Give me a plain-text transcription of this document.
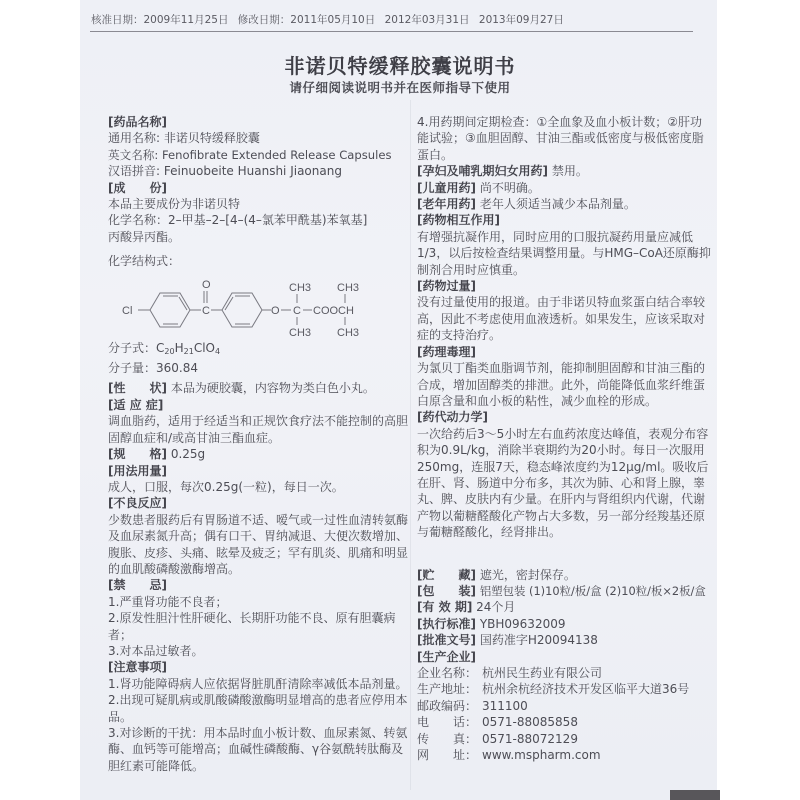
核准日期：2009年11月25日 修改日期：2011年05月10日 2012年03月31日 2013年09月27日
非诺贝特缓释胶囊说明书
请仔细阅读说明书并在医师指导下使用

[药品名称]

通用名称: 非诺贝特缓释胶囊

英文名称: Fenofibrate Extended Release Capsules

汉语拼音: Feinuobeite Huanshi Jiaonang

[成　　份]

本品主要成份为非诺贝特

化学名称：2–甲基–2–[4–(4–氯苯甲酰基)苯氧基]

丙酸异丙酯。

化学结构式：

Cl
O
C	O C COOCH
CH3
CH3
CH3
CH3

分子式：$C_{20}H_{21}ClO_4$

分子量：360.84

[性　　状] 本品为硬胶囊，内容物为类白色小丸。

[适 应 症]

调血脂药，适用于经适当和正规饮食疗法不能控制的高胆固醇血症和/或高甘油三酯血症。

[规　　格] 0.25g

[用法用量]

成人，口服，每次0.25g(一粒)，每日一次。

[不良反应]

少数患者服药后有胃肠道不适、嗳气或一过性血清转氨酶及血尿素氮升高；偶有口干、胃纳减退、大便次数增加、腹胀、皮疹、头痛、眩晕及疲乏；罕有肌炎、肌痛和明显的血肌酸磷酸激酶增高。

[禁　　忌]

1.严重肾功能不良者；

2.原发性胆汁性肝硬化、长期肝功能不良、原有胆囊病者；

3.对本品过敏者。

[注意事项]

1.肾功能障碍病人应依据肾脏肌酐清除率减低本品剂量。

2.出现可疑肌病或肌酸磷酸激酶明显增高的患者应停用本品。

3.对诊断的干扰：用本品时血小板计数、血尿素氮、转氨酶、血钙等可能增高；血碱性磷酸酶、γ谷氨酰转肽酶及胆红素可能降低。

4.用药期间定期检查：①全血象及血小板计数；②肝功能试验；③血胆固醇、甘油三酯或低密度与极低密度脂蛋白。

[孕妇及哺乳期妇女用药] 禁用。

[儿童用药] 尚不明确。

[老年用药] 老年人须适当减少本品剂量。

[药物相互作用]

有增强抗凝作用，同时应用的口服抗凝药用量应减低1/3，以后按检查结果调整用量。与HMG–CoA还原酶抑制剂合用时应慎重。

[药物过量]

没有过量使用的报道。由于非诺贝特血浆蛋白结合率较高，因此不考虑使用血液透析。如果发生，应该采取对症的支持治疗。

[药理毒理]

为氯贝丁酯类血脂调节剂，能抑制胆固醇和甘油三酯的合成，增加固醇类的排泄。此外，尚能降低血浆纤维蛋白原含量和血小板的粘性，减少血栓的形成。

[药代动力学]

一次给药后3～5小时左右血药浓度达峰值，表观分布容积为0.9L/kg，消除半衰期约为20小时。每日一次服用250mg，连服7天，稳态峰浓度约为12μg/ml。吸收后在肝、肾、肠道中分布多，其次为肺、心和肾上腺，睾丸、脾、皮肤内有少量。在肝内与肾组织内代谢，代谢产物以葡糖醛酸化产物占大多数，另一部分经羧基还原与葡糖醛酸化，经肾排出。

[贮　　藏] 遮光，密封保存。

[包　　装] 铝塑包装 (1)10粒/板/盒 (2)10粒/板×2板/盒

[有 效 期] 24个月

[执行标准] YBH09632009

[批准文号] 国药准字H20094138

[生产企业]

企业名称： 杭州民生药业有限公司
生产地址： 杭州余杭经济技术开发区临平大道36号
邮政编码： 311100
电　　话： 0571-88085858
传　　真： 0571-88072129
网　　址： www.mspharm.com
